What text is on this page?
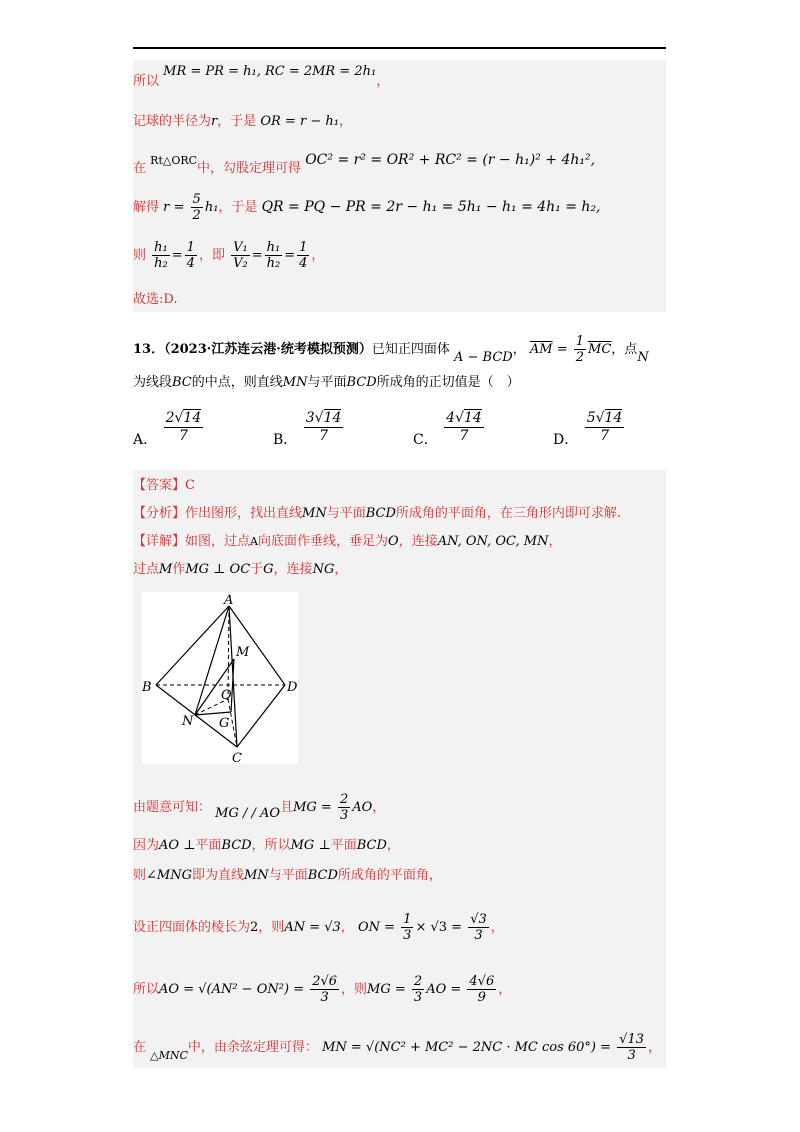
所以 MR = PR = h₁, RC = 2MR = 2h₁，
记球的半径为r，于是 OR = r − h₁，
在 Rt△ORC中，勾股定理可得 OC² = r² = OR² + RC² = (r − h₁)² + 4h₁²,
解得 $r = \frac{5}{2} h_1$，于是 QR = PQ − PR = 2r − h₁ = 5h₁ − h₁ = 4h₁ = h₂,
则 $\frac{\text{h₁}}{\text{h₂}} = \frac{1}{4}$ ，即 $\frac{\text{V₁}}{\text{V₂}} = \frac{\text{h₁}}{\text{h₂}} = \frac{1}{4}$ ，
故选:D.
13．（2023·江苏连云港·统考模拟预测）已知正四面体 A − BCD， $\overline{AM} = \frac{1}{2} \overline{MC}$，点N
为线段BC的中点，则直线MN与平面BCD所成角的正切值是（　）
A． $\frac{2√14}{7}$	B． $\frac{3√14}{7}$	C． $\frac{4√14}{7}$	D． $\frac{5√14}{7}$
【答案】C
【分析】作出图形，找出直线MN与平面BCD所成角的平面角，在三角形内即可求解.
【详解】如图，过点A向底面作垂线，垂足为O，连接AN, ON, OC, MN，
过点M作MG ⊥ OC于G，连接NG，
由题意可知： MG / / AO且MG = $\frac{2}{3}$ AO，
因为AO ⊥平面BCD，所以MG ⊥平面BCD，
则∠MNG即为直线MN与平面BCD所成角的平面角，
设正四面体的棱长为2，则AN = √3， ON = $\frac{1}{3} \times √3 = \frac{√3}{3}$ ，
所以AO = $√(AN^2 - ON^2) = \frac{2√6}{3}$ ，则MG = $\frac{2}{3}$ AO = $\frac{4√6}{9}$ ，
在 $_{\triangle MNC}$中，由余弦定理可得： MN = √(NC² + MC² − 2NC · MC $\cos 60^\circ) = \frac{√13}{3}$ ，
A
B
C
D
M
N
O
G
